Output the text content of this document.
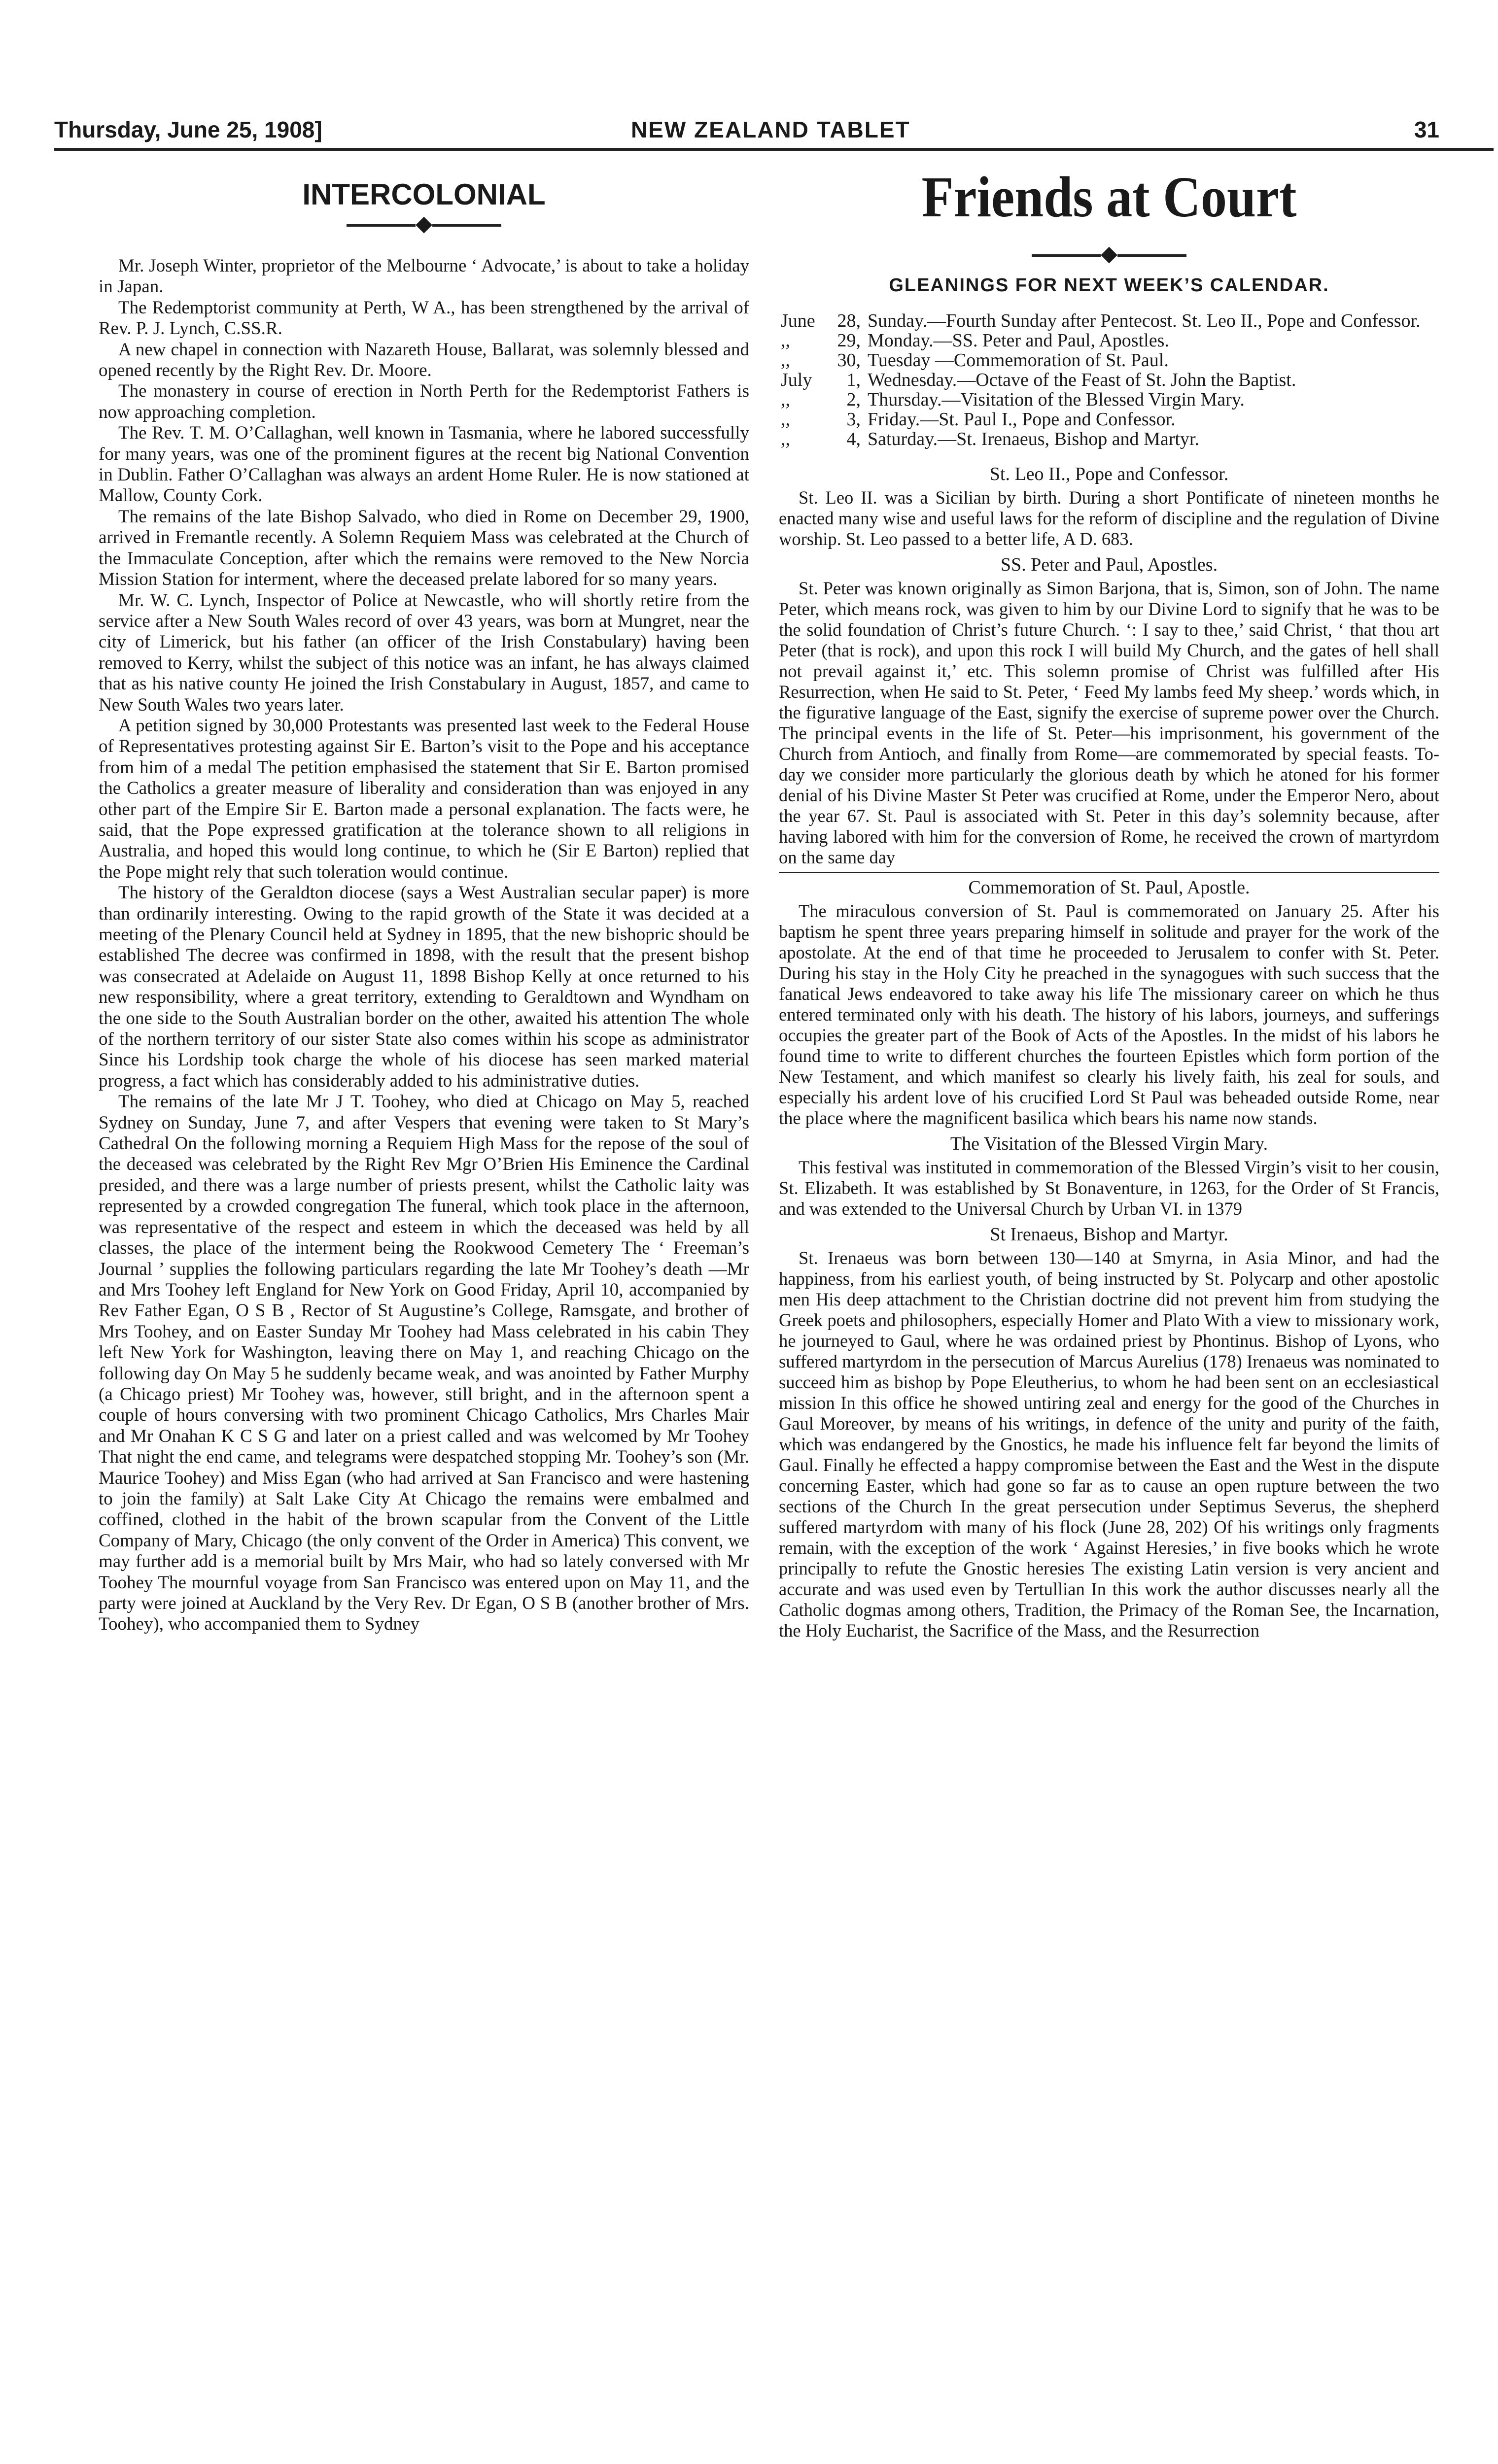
Thursday, June 25, 1908]	NEW ZEALAND TABLET	31
INTERCOLONIAL
◆

Mr. Joseph Winter, proprietor of the Melbourne ‘ Advocate,’ is about to take a holiday in Japan.

The Redemptorist community at Perth, W A., has been strengthened by the arrival of Rev. P. J. Lynch, C.SS.R.

A new chapel in connection with Nazareth House, Ballarat, was solemnly blessed and opened recently by the Right Rev. Dr. Moore.

The monastery in course of erection in North Perth for the Redemptorist Fathers is now approaching completion.

The Rev. T. M. O’Callaghan, well known in Tasmania, where he labored successfully for many years, was one of the prominent figures at the recent big National Convention in Dublin. Father O’Callaghan was always an ardent Home Ruler. He is now stationed at Mallow, County Cork.

The remains of the late Bishop Salvado, who died in Rome on December 29, 1900, arrived in Fremantle recently. A Solemn Requiem Mass was celebrated at the Church of the Immaculate Conception, after which the remains were removed to the New Norcia Mission Station for interment, where the deceased prelate labored for so many years.

Mr. W. C. Lynch, Inspector of Police at Newcastle, who will shortly retire from the service after a New South Wales record of over 43 years, was born at Mungret, near the city of Limerick, but his father (an officer of the Irish Constabulary) having been removed to Kerry, whilst the subject of this notice was an infant, he has always claimed that as his native county He joined the Irish Constabulary in August, 1857, and came to New South Wales two years later.

A petition signed by 30,000 Protestants was presented last week to the Federal House of Representatives protesting against Sir E. Barton’s visit to the Pope and his acceptance from him of a medal The petition emphasised the statement that Sir E. Barton promised the Catholics a greater measure of liberality and consideration than was enjoyed in any other part of the Empire Sir E. Barton made a personal explanation. The facts were, he said, that the Pope expressed gratification at the tolerance shown to all religions in Australia, and hoped this would long continue, to which he (Sir E Barton) replied that the Pope might rely that such toleration would continue.

The history of the Geraldton diocese (says a West Australian secular paper) is more than ordinarily interesting. Owing to the rapid growth of the State it was decided at a meeting of the Plenary Council held at Sydney in 1895, that the new bishopric should be established The decree was confirmed in 1898, with the result that the present bishop was consecrated at Adelaide on August 11, 1898 Bishop Kelly at once returned to his new responsibility, where a great territory, extending to Geraldtown and Wyndham on the one side to the South Australian border on the other, awaited his attention The whole of the northern territory of our sister State also comes within his scope as administrator Since his Lordship took charge the whole of his diocese has seen marked material progress, a fact which has considerably added to his administrative duties.

The remains of the late Mr J T. Toohey, who died at Chicago on May 5, reached Sydney on Sunday, June 7, and after Vespers that evening were taken to St Mary’s Cathedral On the following morning a Requiem High Mass for the repose of the soul of the deceased was celebrated by the Right Rev Mgr O’Brien His Eminence the Cardinal presided, and there was a large number of priests present, whilst the Catholic laity was represented by a crowded congregation The funeral, which took place in the afternoon, was representative of the respect and esteem in which the deceased was held by all classes, the place of the interment being the Rookwood Cemetery The ‘ Freeman’s Journal ’ supplies the following particulars regarding the late Mr Toohey’s death —Mr and Mrs Toohey left England for New York on Good Friday, April 10, accompanied by Rev Father Egan, O S B , Rector of St Augustine’s College, Ramsgate, and brother of Mrs Toohey, and on Easter Sunday Mr Toohey had Mass celebrated in his cabin They left New York for Washington, leaving there on May 1, and reaching Chicago on the following day On May 5 he suddenly became weak, and was anointed by Father Murphy (a Chicago priest) Mr Toohey was, however, still bright, and in the afternoon spent a couple of hours conversing with two prominent Chicago Catholics, Mrs Charles Mair and Mr Onahan K C S G and later on a priest called and was welcomed by Mr Toohey That night the end came, and telegrams were despatched stopping Mr. Toohey’s son (Mr. Maurice Toohey) and Miss Egan (who had arrived at San Francisco and were hastening to join the family) at Salt Lake City At Chicago the remains were embalmed and coffined, clothed in the habit of the brown scapular from the Convent of the Little Company of Mary, Chicago (the only convent of the Order in America) This convent, we may further add is a memorial built by Mrs Mair, who had so lately conversed with Mr Toohey The mournful voyage from San Francisco was entered upon on May 11, and the party were joined at Auckland by the Very Rev. Dr Egan, O S B (another brother of Mrs. Toohey), who accompanied them to Sydney

Friends at Court
◆
GLEANINGS FOR NEXT WEEK’S CALENDAR.
June	28,	Sunday.—Fourth Sunday after Pentecost. St. Leo II., Pope and Confessor.
,,	29,	Monday.—SS. Peter and Paul, Apostles.
,,	30,	Tuesday —Commemoration of St. Paul.
July	1,	Wednesday.—Octave of the Feast of St. John the Baptist.
,,	2,	Thursday.—Visitation of the Blessed Virgin Mary.
,,	3,	Friday.—St. Paul I., Pope and Confessor.
,,	4,	Saturday.—St. Irenaeus, Bishop and Martyr.
St. Leo II., Pope and Confessor.

St. Leo II. was a Sicilian by birth. During a short Pontificate of nineteen months he enacted many wise and useful laws for the reform of discipline and the regulation of Divine worship. St. Leo passed to a better life, A D. 683.

SS. Peter and Paul, Apostles.

St. Peter was known originally as Simon Barjona, that is, Simon, son of John. The name Peter, which means rock, was given to him by our Divine Lord to signify that he was to be the solid foundation of Christ’s future Church. ‘: I say to thee,’ said Christ, ‘ that thou art Peter (that is rock), and upon this rock I will build My Church, and the gates of hell shall not prevail against it,’ etc. This solemn promise of Christ was fulfilled after His Resurrection, when He said to St. Peter, ‘ Feed My lambs feed My sheep.’ words which, in the figurative language of the East, signify the exercise of supreme power over the Church. The principal events in the life of St. Peter—his imprisonment, his government of the Church from Antioch, and finally from Rome—are commemorated by special feasts. To-day we consider more particularly the glorious death by which he atoned for his former denial of his Divine Master St Peter was crucified at Rome, under the Emperor Nero, about the year 67. St. Paul is associated with St. Peter in this day’s solemnity because, after having labored with him for the conversion of Rome, he received the crown of martyrdom on the same day

Commemoration of St. Paul, Apostle.

The miraculous conversion of St. Paul is commemorated on January 25. After his baptism he spent three years preparing himself in solitude and prayer for the work of the apostolate. At the end of that time he proceeded to Jerusalem to confer with St. Peter. During his stay in the Holy City he preached in the synagogues with such success that the fanatical Jews endeavored to take away his life The missionary career on which he thus entered terminated only with his death. The history of his labors, journeys, and sufferings occupies the greater part of the Book of Acts of the Apostles. In the midst of his labors he found time to write to different churches the fourteen Epistles which form portion of the New Testament, and which manifest so clearly his lively faith, his zeal for souls, and especially his ardent love of his crucified Lord St Paul was beheaded outside Rome, near the place where the magnificent basilica which bears his name now stands.

The Visitation of the Blessed Virgin Mary.

This festival was instituted in commemoration of the Blessed Virgin’s visit to her cousin, St. Elizabeth. It was established by St Bonaventure, in 1263, for the Order of St Francis, and was extended to the Universal Church by Urban VI. in 1379

St Irenaeus, Bishop and Martyr.

St. Irenaeus was born between 130—140 at Smyrna, in Asia Minor, and had the happiness, from his earliest youth, of being instructed by St. Polycarp and other apostolic men His deep attachment to the Christian doctrine did not prevent him from studying the Greek poets and philosophers, especially Homer and Plato With a view to missionary work, he journeyed to Gaul, where he was ordained priest by Phontinus. Bishop of Lyons, who suffered martyrdom in the persecution of Marcus Aurelius (178) Irenaeus was nominated to succeed him as bishop by Pope Eleutherius, to whom he had been sent on an ecclesiastical mission In this office he showed untiring zeal and energy for the good of the Churches in Gaul Moreover, by means of his writings, in defence of the unity and purity of the faith, which was endangered by the Gnostics, he made his influence felt far beyond the limits of Gaul. Finally he effected a happy compromise between the East and the West in the dispute concerning Easter, which had gone so far as to cause an open rupture between the two sections of the Church In the great persecution under Septimus Severus, the shepherd suffered martyrdom with many of his flock (June 28, 202) Of his writings only fragments remain, with the exception of the work ‘ Against Heresies,’ in five books which he wrote principally to refute the Gnostic heresies The existing Latin version is very ancient and accurate and was used even by Tertullian In this work the author discusses nearly all the Catholic dogmas among others, Tradition, the Primacy of the Roman See, the Incarnation, the Holy Eucharist, the Sacrifice of the Mass, and the Resurrection
